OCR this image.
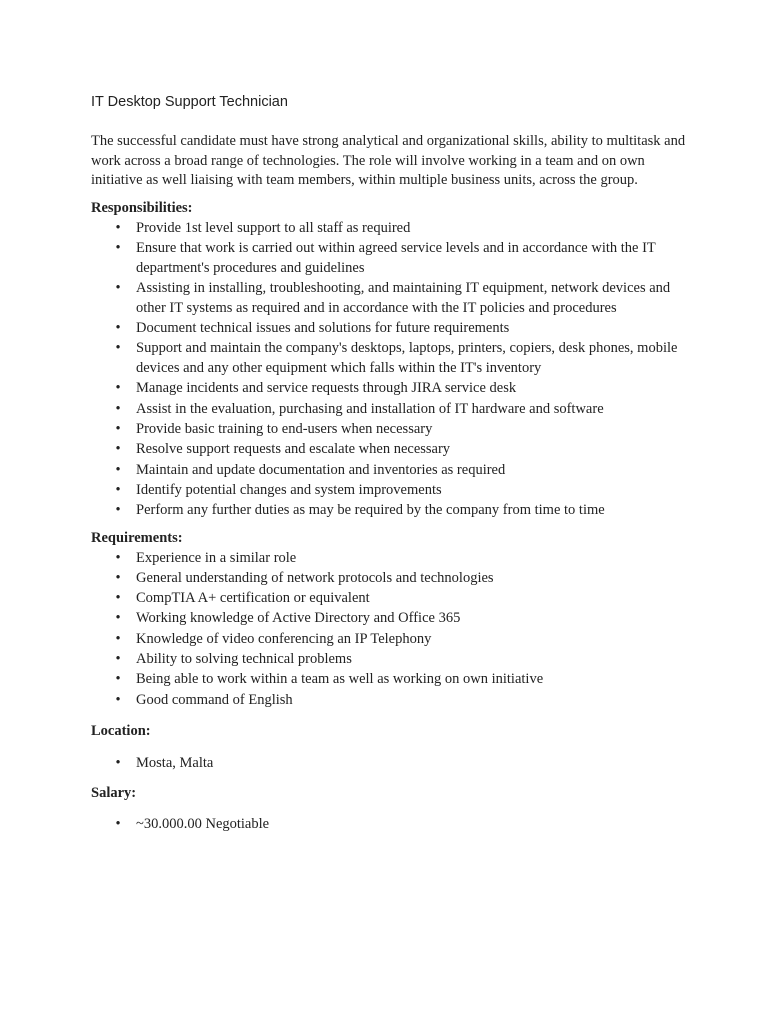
IT Desktop Support Technician

The successful candidate must have strong analytical and organizational skills, ability to multitask and work across a broad range of technologies. The role will involve working in a team and on own initiative as well liaising with team members, within multiple business units, across the group.

Responsibilities:

• Provide 1st level support to all staff as required
• Ensure that work is carried out within agreed service levels and in accordance with the IT department's procedures and guidelines
• Assisting in installing, troubleshooting, and maintaining IT equipment, network devices and other IT systems as required and in accordance with the IT policies and procedures
• Document technical issues and solutions for future requirements
• Support and maintain the company's desktops, laptops, printers, copiers, desk phones, mobile devices and any other equipment which falls within the IT's inventory
• Manage incidents and service requests through JIRA service desk
• Assist in the evaluation, purchasing and installation of IT hardware and software
• Provide basic training to end-users when necessary
• Resolve support requests and escalate when necessary
• Maintain and update documentation and inventories as required
• Identify potential changes and system improvements
• Perform any further duties as may be required by the company from time to time

Requirements:

• Experience in a similar role
• General understanding of network protocols and technologies
• CompTIA A+ certification or equivalent
• Working knowledge of Active Directory and Office 365
• Knowledge of video conferencing an IP Telephony
• Ability to solving technical problems
• Being able to work within a team as well as working on own initiative
• Good command of English

Location:

• Mosta, Malta

Salary:

• ~30.000.00 Negotiable
